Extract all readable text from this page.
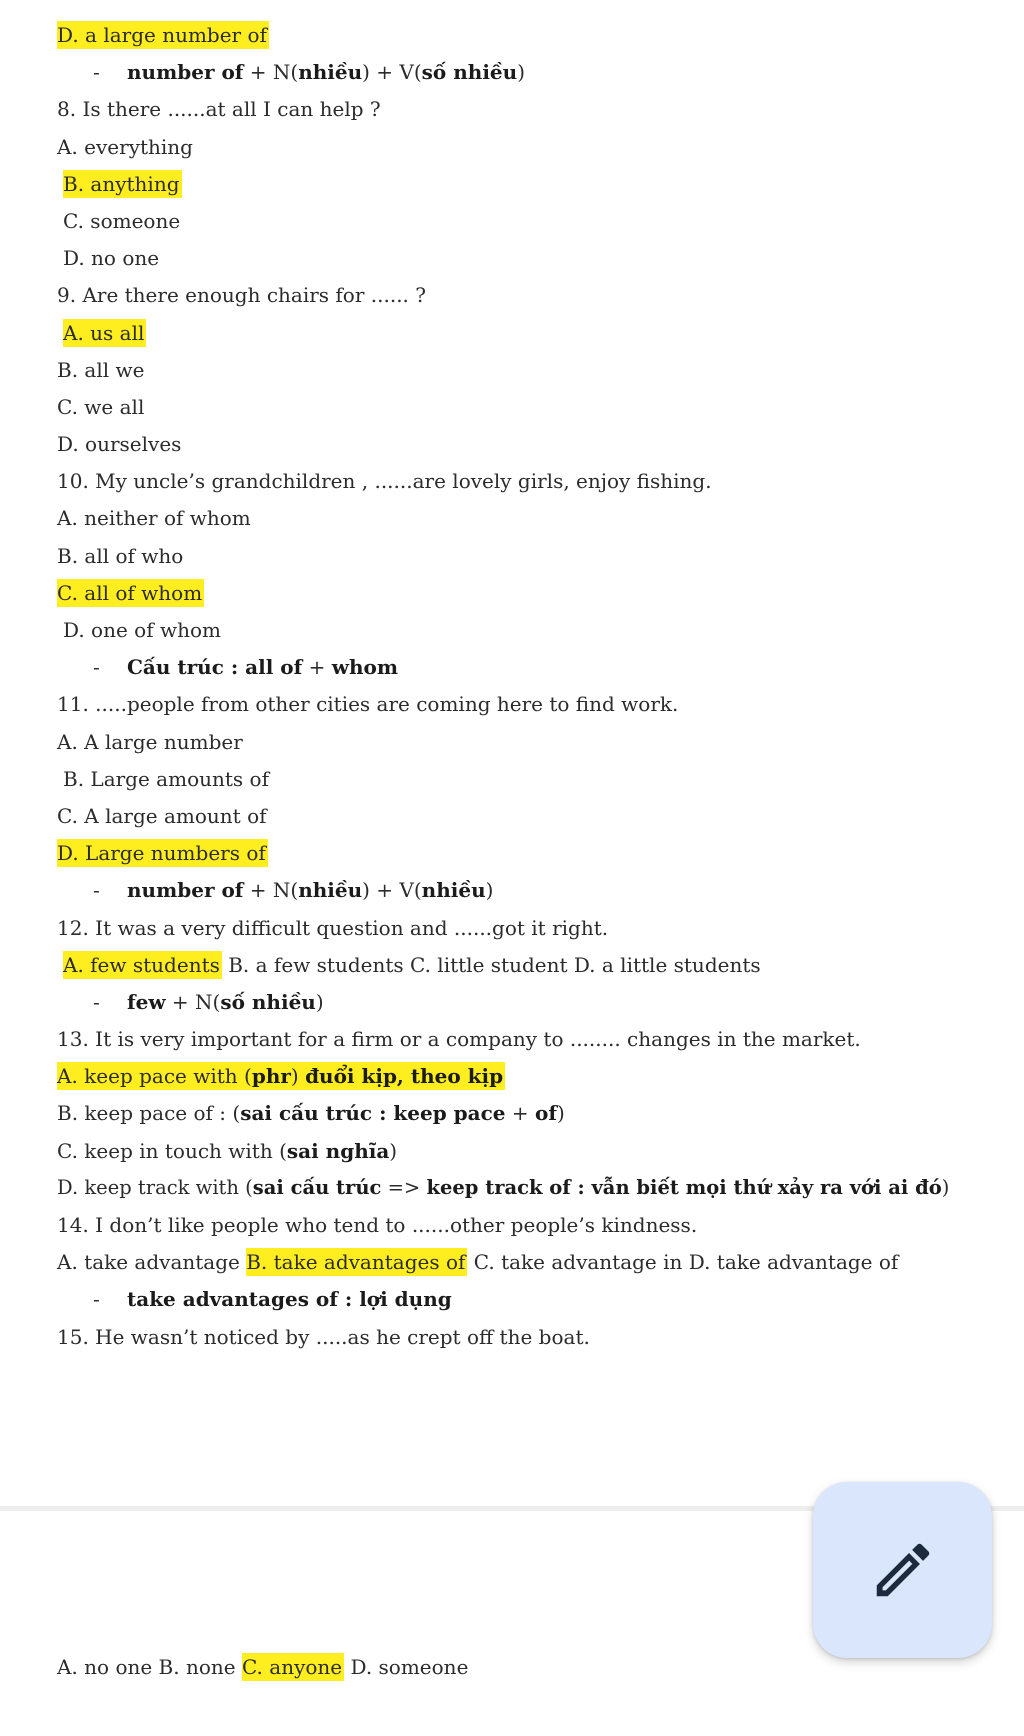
D. a large number of
- number of + N(nhiều) + V(số nhiều)
8. Is there ......at all I can help ?
A. everything
B. anything
C. someone
D. no one
9. Are there enough chairs for ...... ?
A. us all
B. all we
C. we all
D. ourselves
10. My uncle’s grandchildren , ......are lovely girls, enjoy fishing.
A. neither of whom
B. all of who
C. all of whom
D. one of whom
- Cấu trúc : all of + whom
11. .....people from other cities are coming here to find work.
A. A large number
B. Large amounts of
C. A large amount of
D. Large numbers of
- number of + N(nhiều) + V(nhiều)
12. It was a very difficult question and ......got it right.
A. few students B. a few students C. little student D. a little students
- few + N(số nhiều)
13. It is very important for a firm or a company to ........ changes in the market.
A. keep pace with (phr) đuổi kịp, theo kịp
B. keep pace of : (sai cấu trúc : keep pace + of)
C. keep in touch with (sai nghĩa)
D. keep track with (sai cấu trúc => keep track of : vẫn biết mọi thứ xảy ra với ai đó)
14. I don’t like people who tend to ......other people’s kindness.
A. take advantage B. take advantages of C. take advantage in D. take advantage of
- take advantages of : lợi dụng
15. He wasn’t noticed by .....as he crept off the boat.
A. no one B. none C. anyone D. someone
